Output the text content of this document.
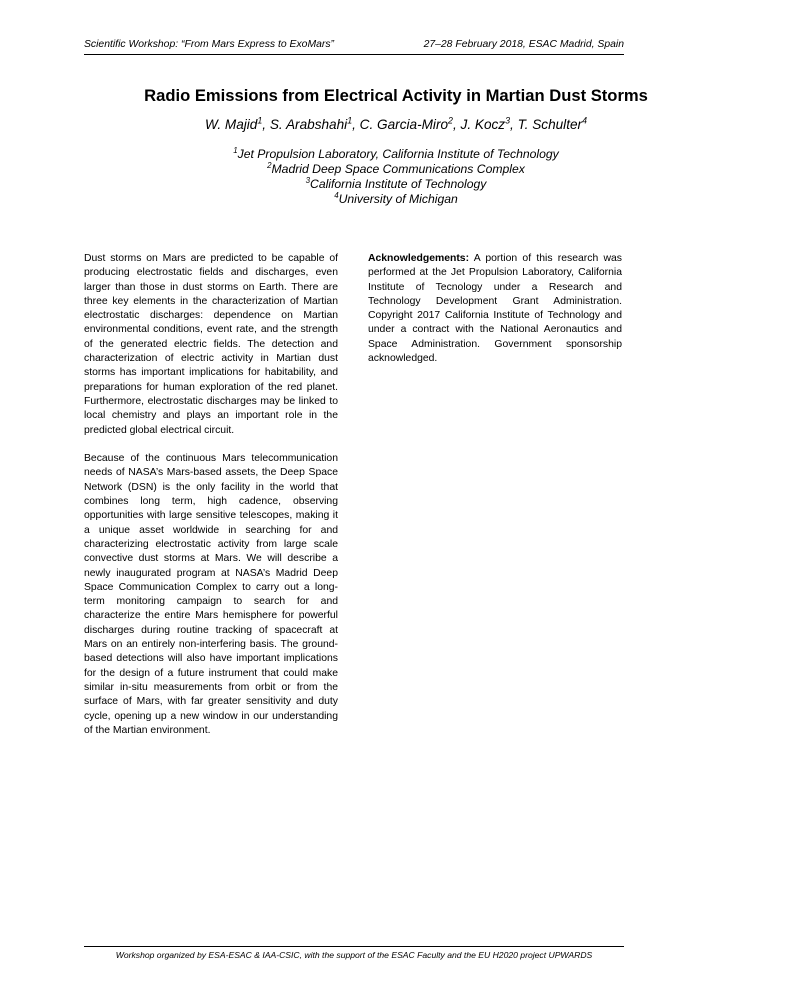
Scientific Workshop: “From Mars Express to ExoMars”	27–28 February 2018, ESAC Madrid, Spain
Radio Emissions from Electrical Activity in Martian Dust Storms
W. Majid$^1$, S. Arabshahi$^1$, C. Garcia-Miro$^2$, J. Kocz$^3$, T. Schulter$^4$
$^1$Jet Propulsion Laboratory, California Institute of Technology
$^2$Madrid Deep Space Communications Complex
$^3$California Institute of Technology
$^4$University of Michigan

Dust storms on Mars are predicted to be capable of producing electrostatic fields and discharges, even larger than those in dust storms on Earth. There are three key elements in the characterization of Martian electrostatic discharges: dependence on Martian environmental conditions, event rate, and the strength of the generated electric fields. The detection and characterization of electric activity in Martian dust storms has important implications for habitability, and preparations for human exploration of the red planet. Furthermore, electrostatic discharges may be linked to local chemistry and plays an important role in the predicted global electrical circuit.

Because of the continuous Mars telecommunication needs of NASA’s Mars-based assets, the Deep Space Network (DSN) is the only facility in the world that combines long term, high cadence, observing opportunities with large sensitive telescopes, making it a unique asset worldwide in searching for and characterizing electrostatic activity from large scale convective dust storms at Mars. We will describe a newly inaugurated program at NASA’s Madrid Deep Space Communication Complex to carry out a long-term monitoring campaign to search for and characterize the entire Mars hemisphere for powerful discharges during routine tracking of spacecraft at Mars on an entirely non-interfering basis. The ground-based detections will also have important implications for the design of a future instrument that could make similar in-situ measurements from orbit or from the surface of Mars, with far greater sensitivity and duty cycle, opening up a new window in our understanding of the Martian environment.

Acknowledgements: A portion of this research was performed at the Jet Propulsion Laboratory, California Institute of Tecnology under a Research and Technology Development Grant Administration. Copyright 2017 California Institute of Technology and under a contract with the National Aeronautics and Space Administration. Government sponsorship acknowledged.

Workshop organized by ESA-ESAC & IAA-CSIC, with the support of the ESAC Faculty and the EU H2020 project UPWARDS
